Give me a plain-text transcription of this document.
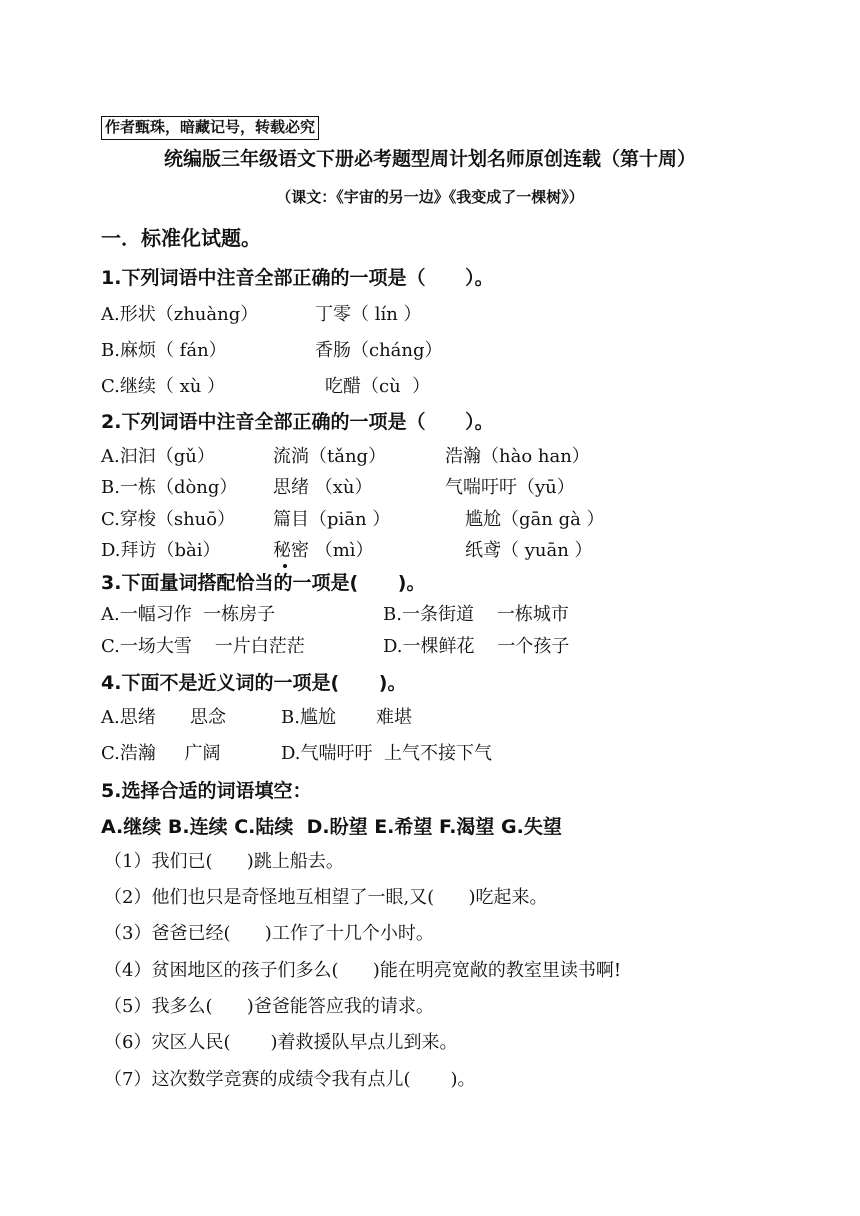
作者甄珠，暗藏记号，转载必究
统编版三年级语文下册必考题型周计划名师原创连载（第十周）
（课文：《宇宙的另一边》《我变成了一棵树》）
一．标准化试题。
1.下列词语中注音全部正确的一项是（      ）。
A.形状（zhuàng）	丁零（ lín ）
B.麻烦（ fán）	香肠（cháng）
C.继续（ xù ）	吃醋（cù  ）
2.下列词语中注音全部正确的一项是（      ）。
A.汩汩（gǔ）	流淌（tǎng）	浩瀚（hào han）
B.一栋（dòng） 思绪 （xù）	气喘吁吁（yū）
C.穿梭（shuō） 篇目（piān ）	尴尬（gān gà ）
D.拜访（bài）	秘密 （mì）	纸鸢（ yuān ）
3.下面量词搭配恰当的一项是(      )。
A.一幅习作  一栋房子	B.一条街道    一栋城市
C.一场大雪    一片白茫茫	D.一棵鲜花    一个孩子
4.下面不是近义词的一项是(      )。
A.思绪      思念	B.尴尬       难堪
C.浩瀚     广阔	D.气喘吁吁  上气不接下气
5.选择合适的词语填空：
A.继续 B.连续 C.陆续  D.盼望 E.希望 F.渴望 G.失望
（1）我们已(      )跳上船去。
（2）他们也只是奇怪地互相望了一眼,又(      )吃起来。
（3）爸爸已经(      )工作了十几个小时。
（4）贫困地区的孩子们多么(      )能在明亮宽敞的教室里读书啊!
（5）我多么(      )爸爸能答应我的请求。
（6）灾区人民(       )着救援队早点儿到来。
（7）这次数学竞赛的成绩令我有点儿(       )。
